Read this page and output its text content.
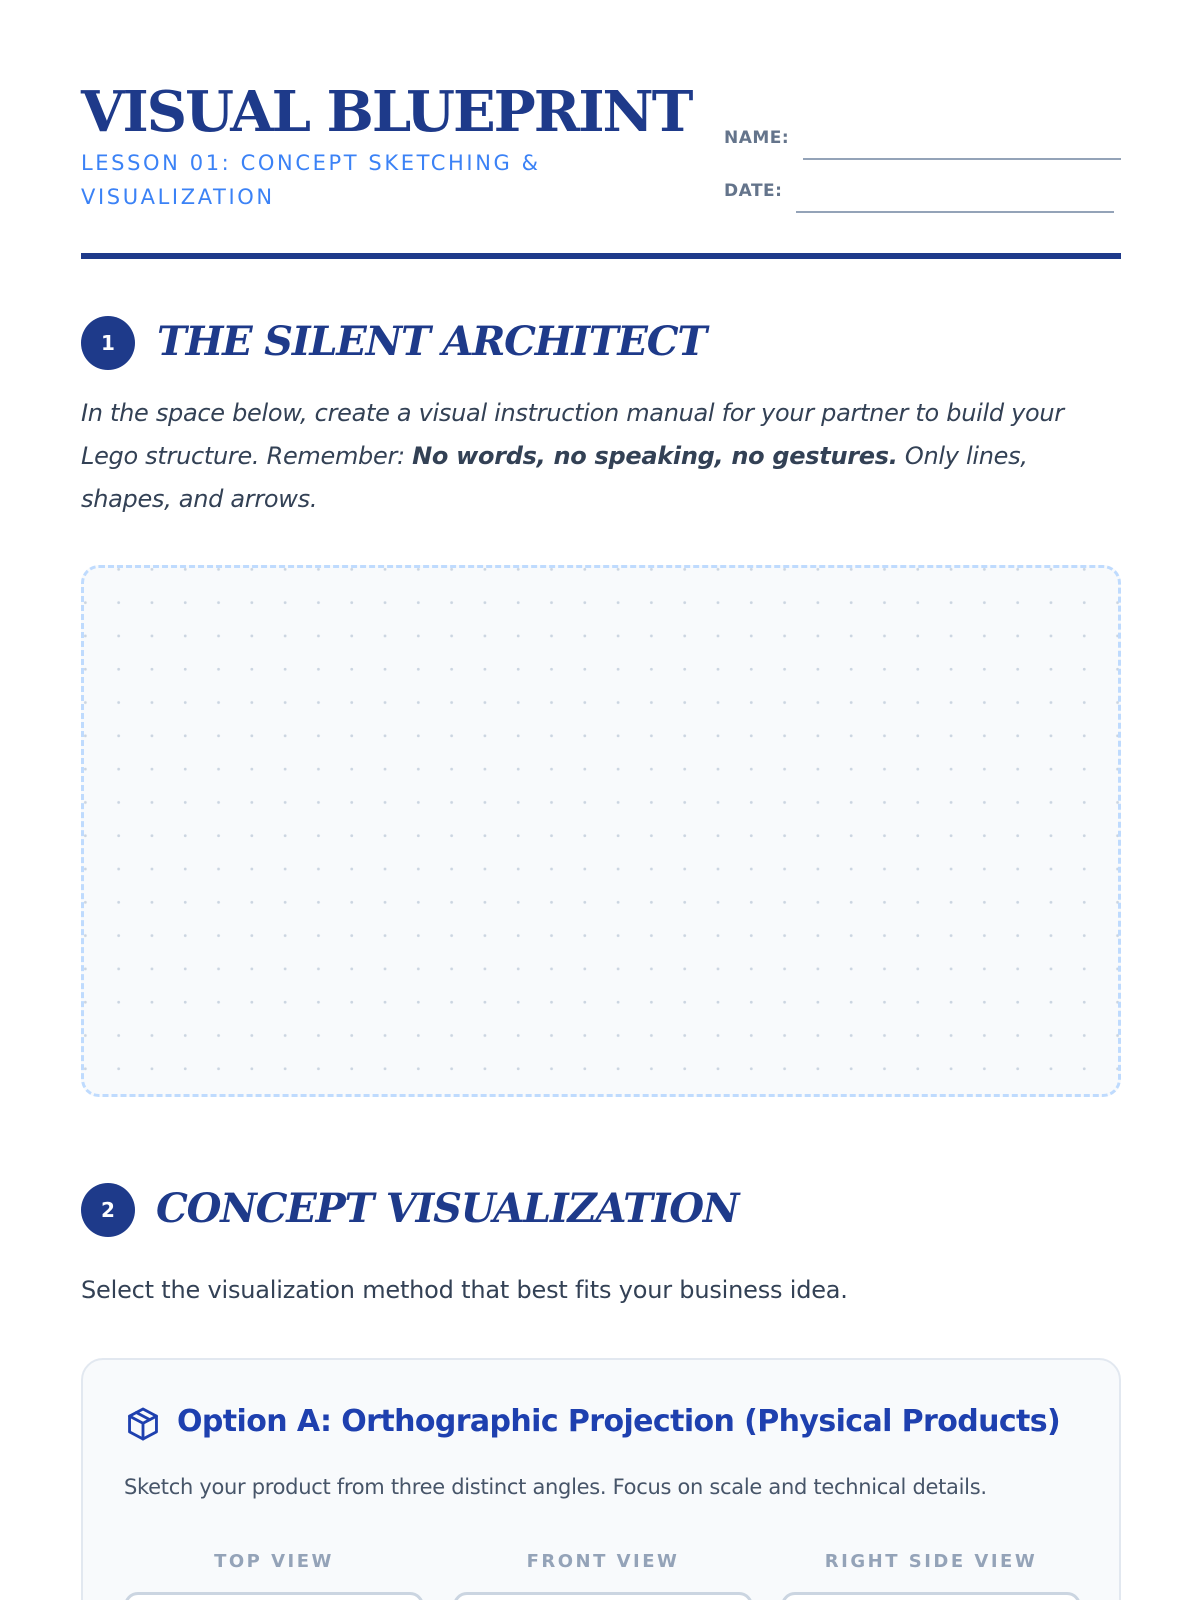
VISUAL BLUEPRINT
LESSON 01: CONCEPT SKETCHING & VISUALIZATION
NAME:
DATE:
1	THE SILENT ARCHITECT

In the space below, create a visual instruction manual for your partner to build your Lego structure. Remember: No words, no speaking, no gestures. Only lines, shapes, and arrows.

2	CONCEPT VISUALIZATION

Select the visualization method that best fits your business idea.

Option A: Orthographic Projection (Physical Products)

Sketch your product from three distinct angles. Focus on scale and technical details.

TOP VIEW	FRONT VIEW	RIGHT SIDE VIEW
